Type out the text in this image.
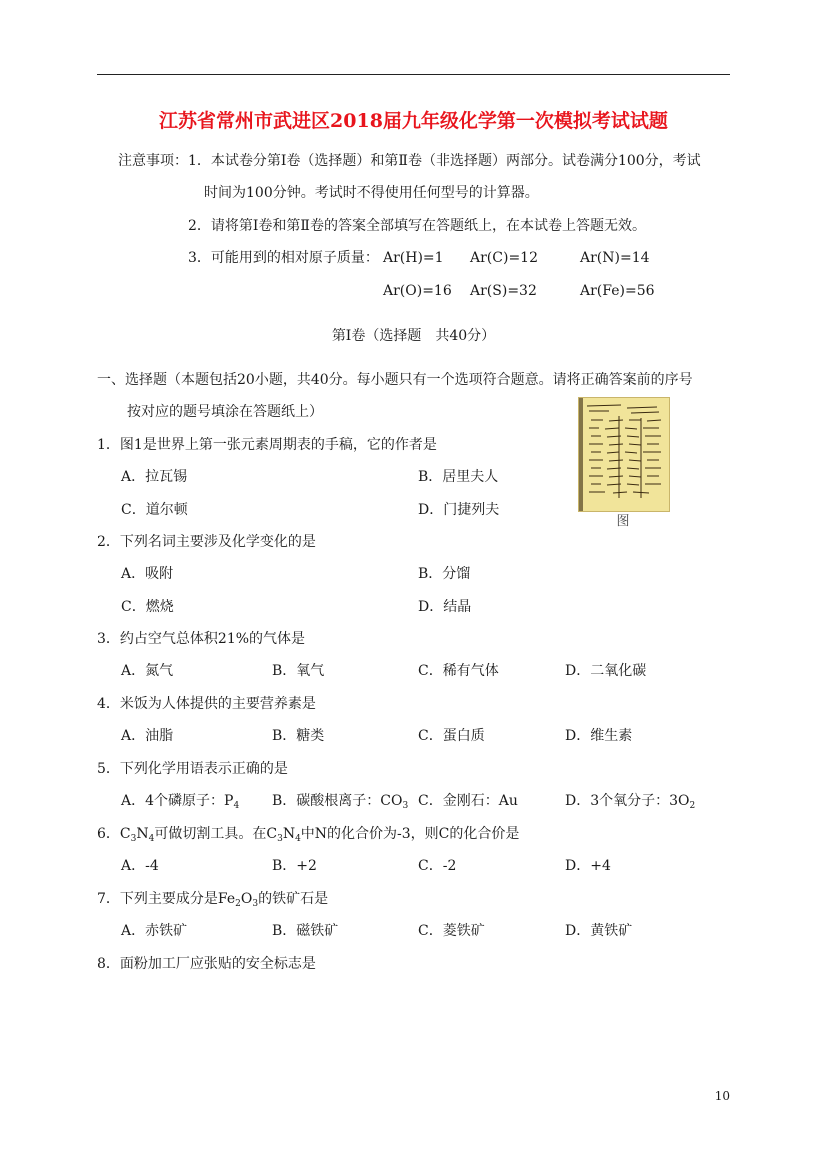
江苏省常州市武进区2018届九年级化学第一次模拟考试试题
注意事项： 1．本试卷分第Ⅰ卷（选择题）和第Ⅱ卷（非选择题）两部分。试卷满分100分，考试
时间为100分钟。考试时不得使用任何型号的计算器。
2．请将第Ⅰ卷和第Ⅱ卷的答案全部填写在答题纸上，在本试卷上答题无效。
3．可能用到的相对原子质量： Ar(H)=1 Ar(C)=12	Ar(N)=14
Ar(O)=16 Ar(S)=32	Ar(Fe)=56
第Ⅰ卷（选择题　共40分）
一、选择题（本题包括20小题，共40分。每小题只有一个选项符合题意。请将正确答案前的序号
按对应的题号填涂在答题纸上）
图
1．图1是世界上第一张元素周期表的手稿，它的作者是
A．拉瓦锡	B．居里夫人
C．道尔顿	D．门捷列夫
2．下列名词主要涉及化学变化的是
A．吸附	B．分馏
C．燃烧	D．结晶
3．约占空气总体积21%的气体是
A．氮气	B．氧气	C．稀有气体	D．二氧化碳
4．米饭为人体提供的主要营养素是
A．油脂	B．糖类	C．蛋白质	D．维生素
5．下列化学用语表示正确的是
A．4个磷原子：$P_4$ B．碳酸根离子：$CO_3$ C．金刚石：Au	D．3个氧分子：$3O_2$
6．$C_3N_4$可做切割工具。在$C_3N_4$中N的化合价为-3，则C的化合价是
A．-4	B．+2	C．-2	D．+4
7．下列主要成分是$Fe_2O_3$的铁矿石是
A．赤铁矿	B．磁铁矿	C．菱铁矿	D．黄铁矿
8．面粉加工厂应张贴的安全标志是
10
